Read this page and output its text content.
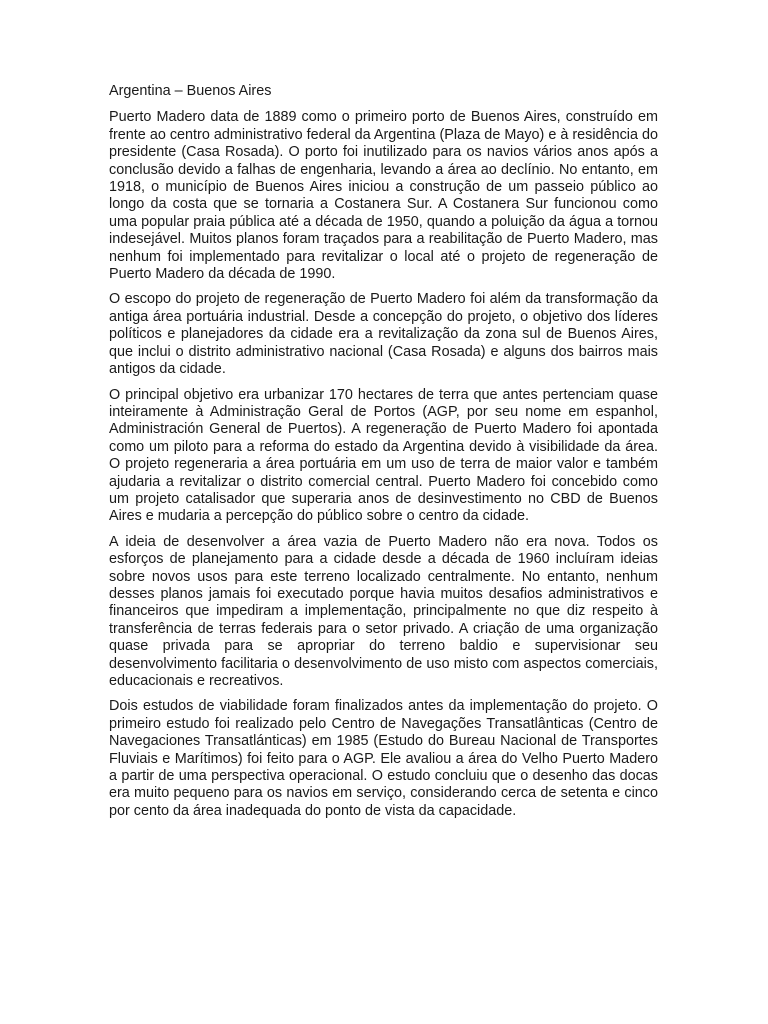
Argentina – Buenos Aires

Puerto Madero data de 1889 como o primeiro porto de Buenos Aires, construído em frente ao centro administrativo federal da Argentina (Plaza de Mayo) e à residência do presidente (Casa Rosada). O porto foi inutilizado para os navios vários anos após a conclusão devido a falhas de engenharia, levando a área ao declínio. No entanto, em 1918, o município de Buenos Aires iniciou a construção de um passeio público ao longo da costa que se tornaria a Costanera Sur. A Costanera Sur funcionou como uma popular praia pública até a década de 1950, quando a poluição da água a tornou indesejável. Muitos planos foram traçados para a reabilitação de Puerto Madero, mas nenhum foi implementado para revitalizar o local até o projeto de regeneração de Puerto Madero da década de 1990.

O escopo do projeto de regeneração de Puerto Madero foi além da transformação da antiga área portuária industrial. Desde a concepção do projeto, o objetivo dos líderes políticos e planejadores da cidade era a revitalização da zona sul de Buenos Aires, que inclui o distrito administrativo nacional (Casa Rosada) e alguns dos bairros mais antigos da cidade.

O principal objetivo era urbanizar 170 hectares de terra que antes pertenciam quase inteiramente à Administração Geral de Portos (AGP, por seu nome em espanhol, Administración General de Puertos). A regeneração de Puerto Madero foi apontada como um piloto para a reforma do estado da Argentina devido à visibilidade da área. O projeto regeneraria a área portuária em um uso de terra de maior valor e também ajudaria a revitalizar o distrito comercial central. Puerto Madero foi concebido como um projeto catalisador que superaria anos de desinvestimento no CBD de Buenos Aires e mudaria a percepção do público sobre o centro da cidade.

A ideia de desenvolver a área vazia de Puerto Madero não era nova. Todos os esforços de planejamento para a cidade desde a década de 1960 incluíram ideias sobre novos usos para este terreno localizado centralmente. No entanto, nenhum desses planos jamais foi executado porque havia muitos desafios administrativos e financeiros que impediram a implementação, principalmente no que diz respeito à transferência de terras federais para o setor privado. A criação de uma organização quase privada para se apropriar do terreno baldio e supervisionar seu desenvolvimento facilitaria o desenvolvimento de uso misto com aspectos comerciais, educacionais e recreativos.

Dois estudos de viabilidade foram finalizados antes da implementação do projeto. O primeiro estudo foi realizado pelo Centro de Navegações Transatlânticas (Centro de Navegaciones Transatlánticas) em 1985 (Estudo do Bureau Nacional de Transportes Fluviais e Marítimos) foi feito para o AGP. Ele avaliou a área do Velho Puerto Madero a partir de uma perspectiva operacional. O estudo concluiu que o desenho das docas era muito pequeno para os navios em serviço, considerando cerca de setenta e cinco por cento da área inadequada do ponto de vista da capacidade.
